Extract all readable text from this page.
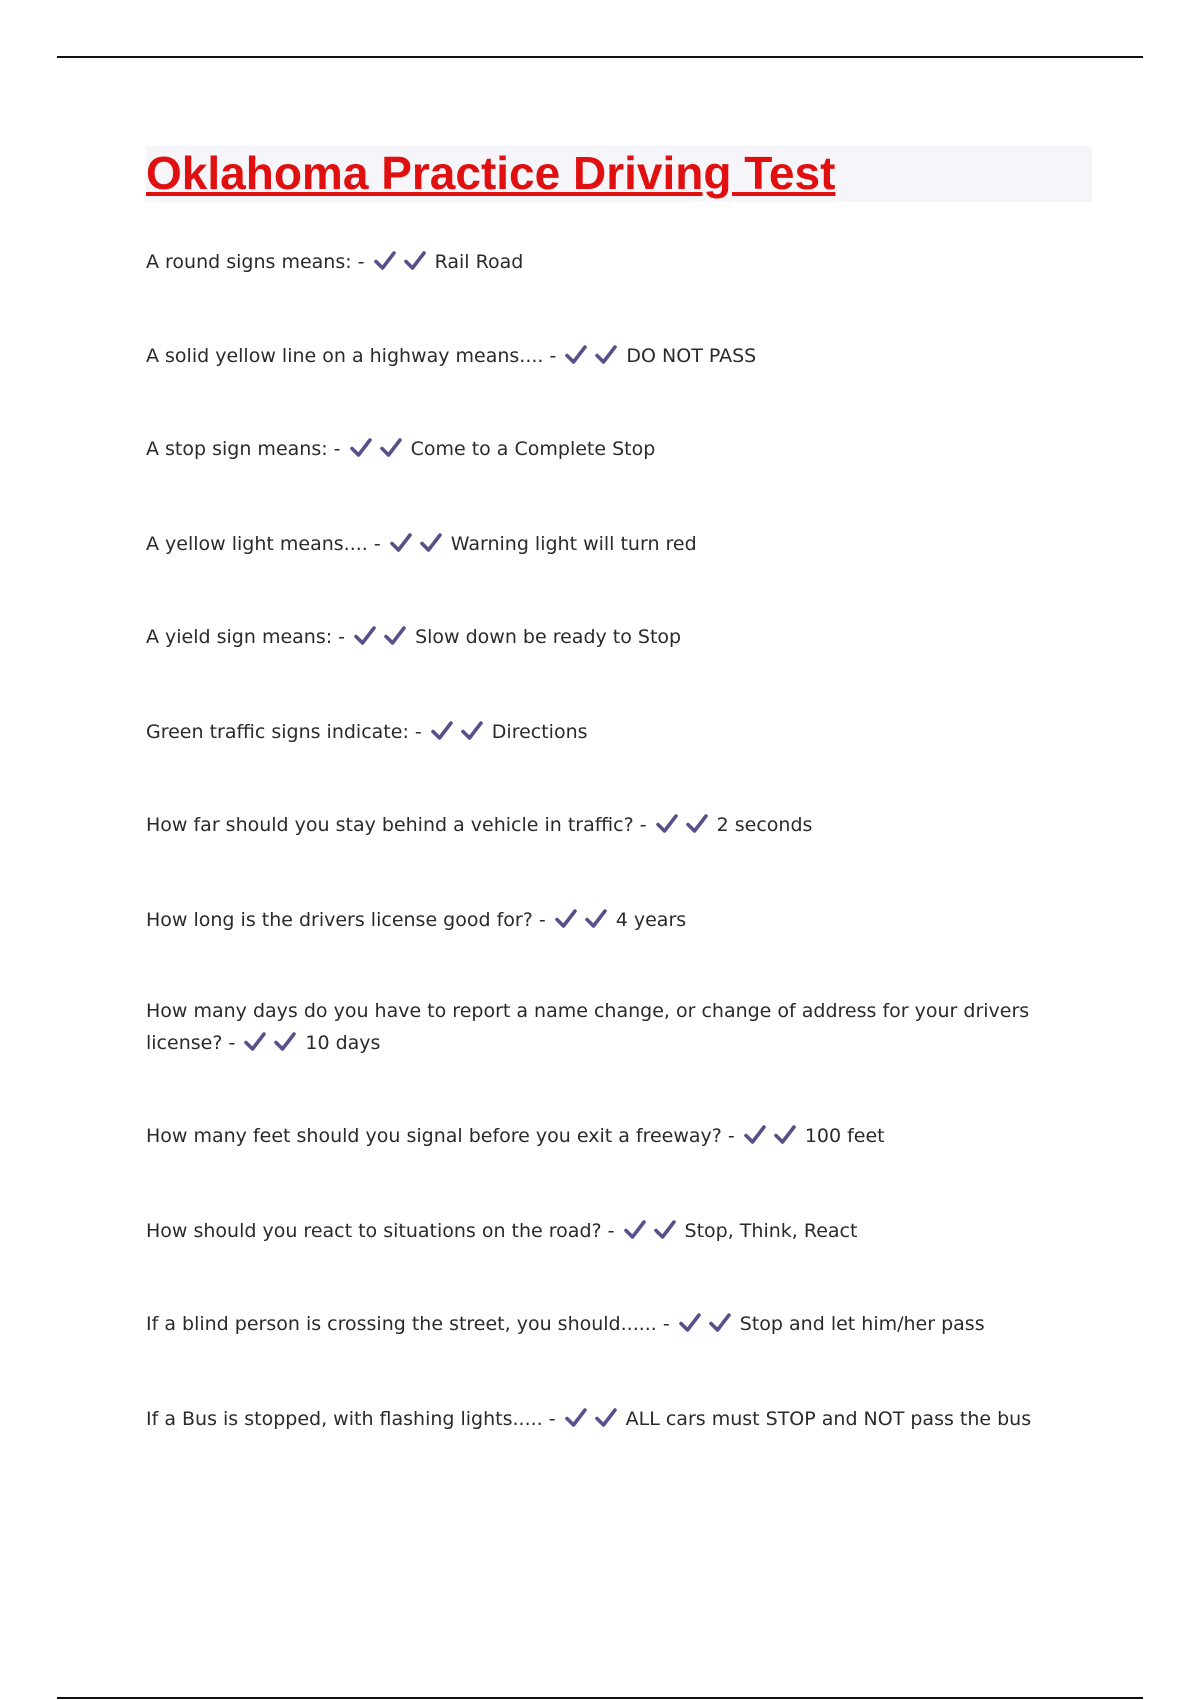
Oklahoma Practice Driving Test
A round signs means: -	Rail Road
A solid yellow line on a highway means.... -	DO NOT PASS
A stop sign means: -	Come to a Complete Stop
A yellow light means.... -	Warning light will turn red
A yield sign means: -	Slow down be ready to Stop
Green traffic signs indicate: -	Directions
How far should you stay behind a vehicle in traffic? -	2 seconds
How long is the drivers license good for? -	4 years
How many days do you have to report a name change, or change of address for your drivers license? -	10 days
How many feet should you signal before you exit a freeway? -	100 feet
How should you react to situations on the road? -	Stop, Think, React
If a blind person is crossing the street, you should...... -	Stop and let him/her pass
If a Bus is stopped, with flashing lights..... -	ALL cars must STOP and NOT pass the bus
